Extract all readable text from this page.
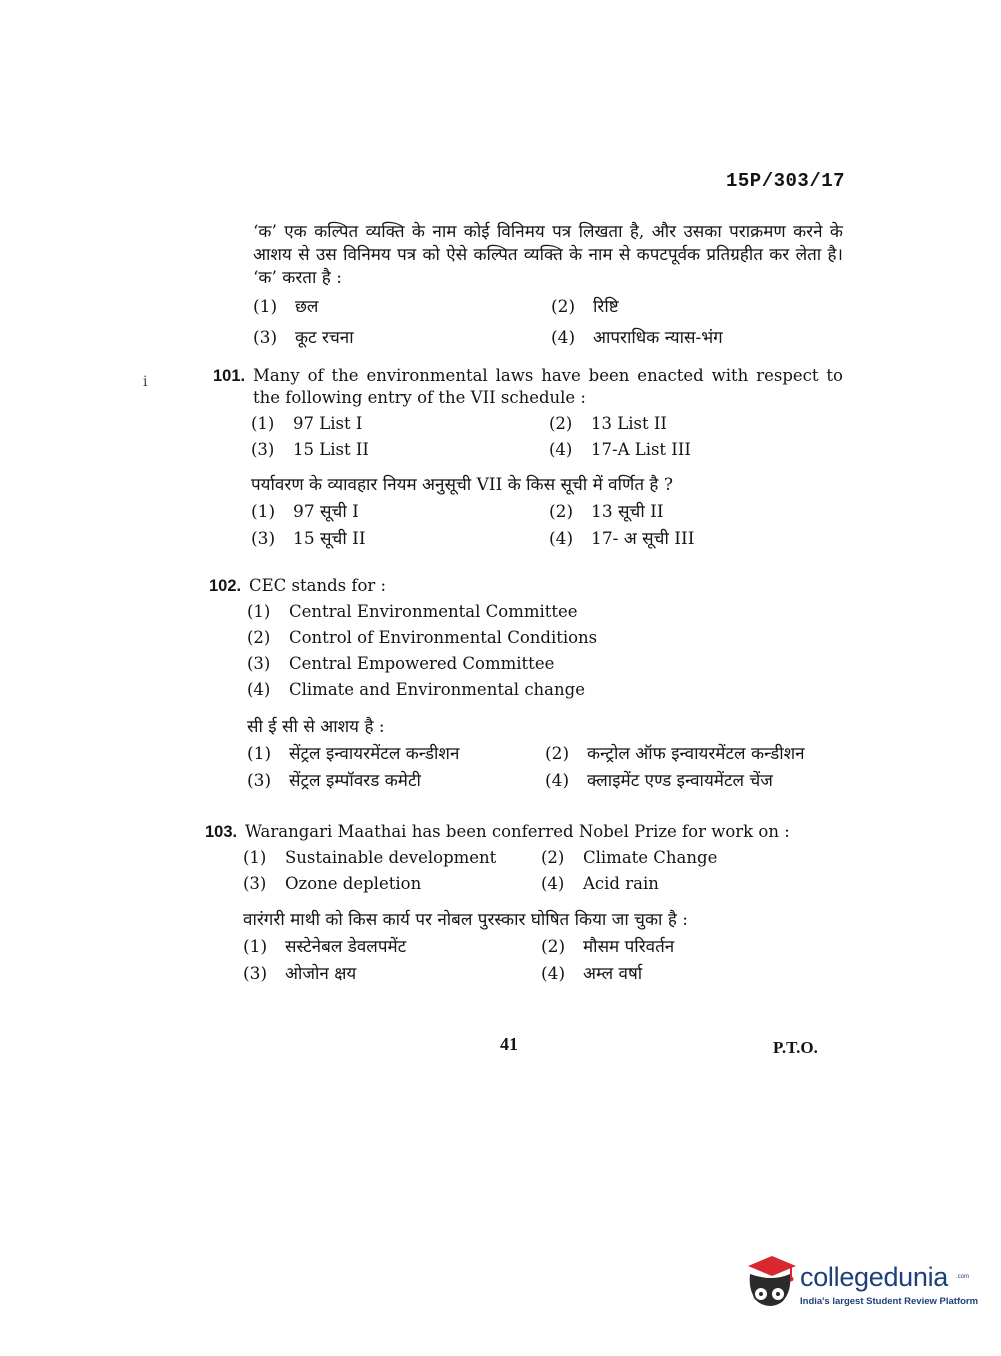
15P/303/17
i

‘क’ एक कल्पित व्यक्ति के नाम कोई विनिमय पत्र लिखता है, और उसका पराक्रमण करने के आशय से उस विनिमय पत्र को ऐसे कल्पित व्यक्ति के नाम से कपटपूर्वक प्रतिग्रहीत कर लेता है। ‘क’ करता है :

(1)	छल	(2)	रिष्टि
(3)	कूट रचना	(4)	आपराधिक न्यास-भंग
101. Many of the environmental laws have been enacted with respect to the following entry of the VII schedule :

(1)	97 List I	(2)	13 List II
(3)	15 List II	(4)	17-A List III

पर्यावरण के व्यावहार नियम अनुसूची VII के किस सूची में वर्णित है ?

(1)	97 सूची I	(2)	13 सूची II
(3)	15 सूची II	(4)	17- अ सूची III
102. CEC stands for :

(1)	Central Environmental Committee
(2)	Control of Environmental Conditions
(3)	Central Empowered Committee
(4)	Climate and Environmental change

सी ई सी से आशय है :

(1)	सेंट्रल इन्वायरमेंटल कन्डीशन	(2)	कन्ट्रोल ऑफ इन्वायरमेंटल कन्डीशन
(3)	सेंट्रल इम्पॉवरड कमेटी	(4)	क्लाइमेंट एण्ड इन्वायमेंटल चेंज
103. Warangari Maathai has been conferred Nobel Prize for work on :

(1)	Sustainable development	(2)	Climate Change
(3)	Ozone depletion	(4)	Acid rain

वारंगरी माथी को किस कार्य पर नोबल पुरस्कार घोषित किया जा चुका है :

(1)	सस्टेनेबल डेवलपमेंट	(2)	मौसम परिवर्तन
(3)	ओजोन क्षय	(4)	अम्ल वर्षा
41	P.T.O.
collegedunia .com
India's largest Student Review Platform
